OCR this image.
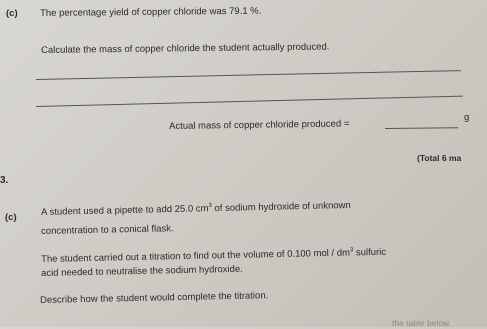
(c) The percentage yield of copper chloride was 79.1 %.
Calculate the mass of copper chloride the student actually produced.
Actual mass of copper chloride produced =
g
(Total 6 ma
3.
(c)	A student used a pipette to add 25.0 $cm^3$ of sodium hydroxide of unknown
concentration to a conical flask.
The student carried out a titration to find out the volume of 0.100 mol / $dm^3$ sulfuric
acid needed to neutralise the sodium hydroxide.
Describe how the student would complete the titration.
the table below.
